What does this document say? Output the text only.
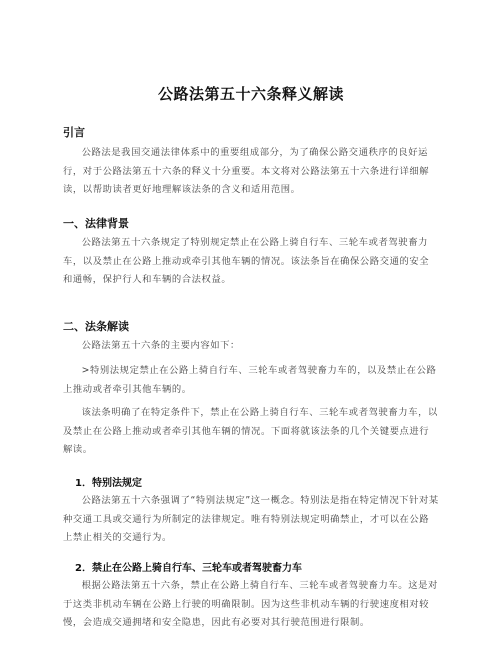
公路法第五十六条释义解读
引言

公路法是我国交通法律体系中的重要组成部分，为了确保公路交通秩序的良好运行，对于公路法第五十六条的释义十分重要。本文将对公路法第五十六条进行详细解读，以帮助读者更好地理解该法条的含义和适用范围。

一、法律背景

公路法第五十六条规定了特别规定禁止在公路上骑自行车、三轮车或者驾驶畜力车，以及禁止在公路上推动或牵引其他车辆的情况。该法条旨在确保公路交通的安全和通畅，保护行人和车辆的合法权益。

二、法条解读

公路法第五十六条的主要内容如下：

>特别法规定禁止在公路上骑自行车、三轮车或者驾驶畜力车的，以及禁止在公路上推动或者牵引其他车辆的。

该法条明确了在特定条件下，禁止在公路上骑自行车、三轮车或者驾驶畜力车，以及禁止在公路上推动或者牵引其他车辆的情况。下面将就该法条的几个关键要点进行解读。

1．特别法规定

公路法第五十六条强调了“特别法规定”这一概念。特别法是指在特定情况下针对某种交通工具或交通行为所制定的法律规定。唯有特别法规定明确禁止，才可以在公路上禁止相关的交通行为。

2．禁止在公路上骑自行车、三轮车或者驾驶畜力车

根据公路法第五十六条，禁止在公路上骑自行车、三轮车或者驾驶畜力车。这是对于这类非机动车辆在公路上行驶的明确限制。因为这些非机动车辆的行驶速度相对较慢，会造成交通拥堵和安全隐患，因此有必要对其行驶范围进行限制。
